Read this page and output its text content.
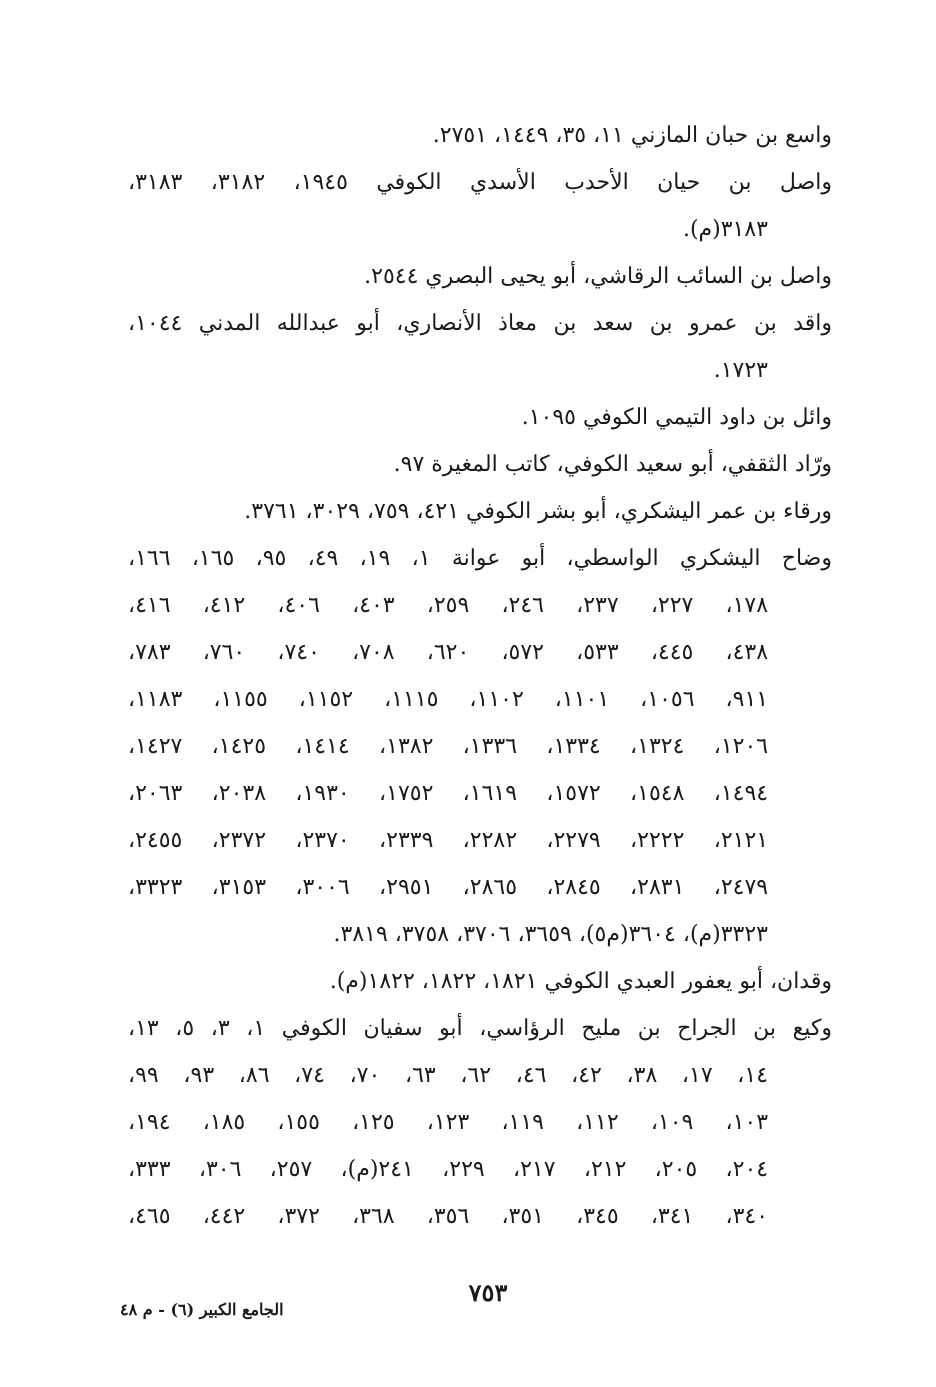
واسع بن حبان المازني ١١، ٣٥، ١٤٤٩، ٢٧٥١.
واصل بن حيان الأحدب الأسدي الكوفي ١٩٤٥، ٣١٨٢، ٣١٨٣،
٣١٨٣(م).
واصل بن السائب الرقاشي، أبو يحيى البصري ٢٥٤٤.
واقد بن عمرو بن سعد بن معاذ الأنصاري، أبو عبدالله المدني ١٠٤٤،
١٧٢٣.
وائل بن داود التيمي الكوفي ١٠٩٥.
ورّاد الثقفي، أبو سعيد الكوفي، كاتب المغيرة ٩٧.
ورقاء بن عمر اليشكري، أبو بشر الكوفي ٤٢١، ٧٥٩، ٣٠٢٩، ٣٧٦١.
وضاح اليشكري الواسطي، أبو عوانة ١، ١٩، ٤٩، ٩٥، ١٦٥، ١٦٦،
١٧٨، ٢٢٧، ٢٣٧، ٢٤٦، ٢٥٩، ٤٠٣، ٤٠٦، ٤١٢، ٤١٦،
٤٣٨، ٤٤٥، ٥٣٣، ٥٧٢، ٦٢٠، ٧٠٨، ٧٤٠، ٧٦٠، ٧٨٣،
٩١١، ١٠٥٦، ١١٠١، ١١٠٢، ١١١٥، ١١٥٢، ١١٥٥، ١١٨٣،
١٢٠٦، ١٣٢٤، ١٣٣٤، ١٣٣٦، ١٣٨٢، ١٤١٤، ١٤٢٥، ١٤٢٧،
١٤٩٤، ١٥٤٨، ١٥٧٢، ١٦١٩، ١٧٥٢، ١٩٣٠، ٢٠٣٨، ٢٠٦٣،
٢١٢١، ٢٢٢٢، ٢٢٧٩، ٢٢٨٢، ٢٣٣٩، ٢٣٧٠، ٢٣٧٢، ٢٤٥٥،
٢٤٧٩، ٢٨٣١، ٢٨٤٥، ٢٨٦٥، ٢٩٥١، ٣٠٠٦، ٣١٥٣، ٣٣٢٣،
٣٣٢٣(م)، ٣٦٠٤(م٥)، ٣٦٥٩، ٣٧٠٦، ٣٧٥٨، ٣٨١٩.
وقدان، أبو يعفور العبدي الكوفي ١٨٢١، ١٨٢٢، ١٨٢٢(م).
وكيع بن الجراح بن مليح الرؤاسي، أبو سفيان الكوفي ١، ٣، ٥، ١٣،
١٤، ١٧، ٣٨، ٤٢، ٤٦، ٦٢، ٦٣، ٧٠، ٧٤، ٨٦، ٩٣، ٩٩،
١٠٣، ١٠٩، ١١٢، ١١٩، ١٢٣، ١٢٥، ١٥٥، ١٨٥، ١٩٤،
٢٠٤، ٢٠٥، ٢١٢، ٢١٧، ٢٢٩، ٢٤١(م)، ٢٥٧، ٣٠٦، ٣٣٣،
٣٤٠، ٣٤١، ٣٤٥، ٣٥١، ٣٥٦، ٣٦٨، ٣٧٢، ٤٤٢، ٤٦٥،
٧٥٣
الجامع الكبير (٦) - م ٤٨
